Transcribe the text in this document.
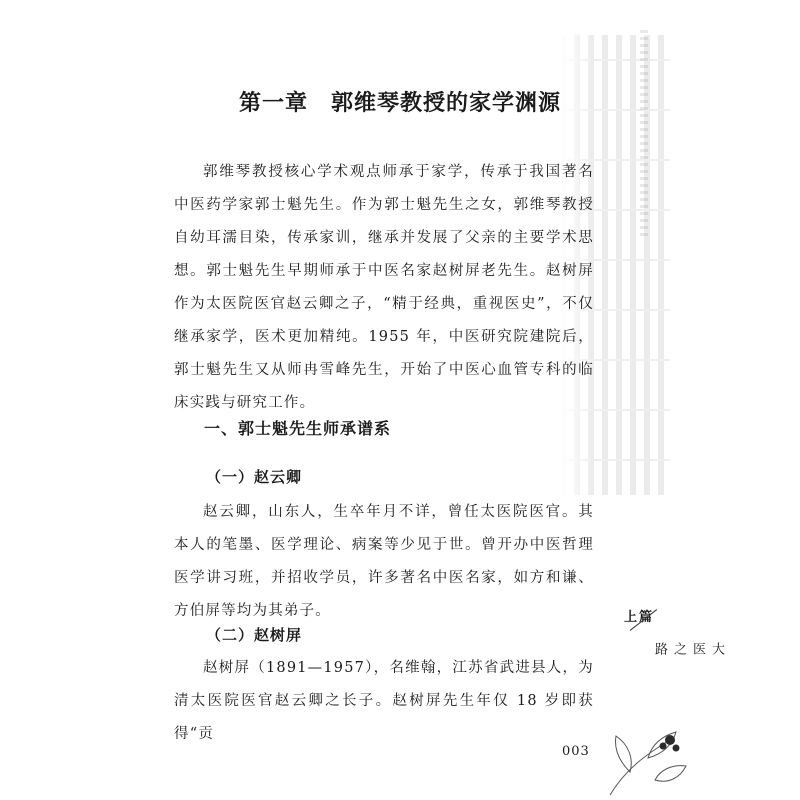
第一章　郭维琴教授的家学渊源

郭维琴教授核心学术观点师承于家学，传承于我国著名中医药学家郭士魁先生。作为郭士魁先生之女，郭维琴教授自幼耳濡目染，传承家训，继承并发展了父亲的主要学术思想。郭士魁先生早期师承于中医名家赵树屏老先生。赵树屏作为太医院医官赵云卿之子，“精于经典，重视医史”，不仅继承家学，医术更加精纯。1955 年，中医研究院建院后，郭士魁先生又从师冉雪峰先生，开始了中医心血管专科的临床实践与研究工作。

一、郭士魁先生师承谱系
（一）赵云卿

赵云卿，山东人，生卒年月不详，曾任太医院医官。其本人的笔墨、医学理论、病案等少见于世。曾开办中医哲理医学讲习班，并招收学员，许多著名中医名家，如方和谦、方伯屏等均为其弟子。

（二）赵树屏

赵树屏（1891—1957），名维翰，江苏省武进县人，为清太医院医官赵云卿之长子。赵树屏先生年仅 18 岁即获得“贡

上篇
大医之路
003
